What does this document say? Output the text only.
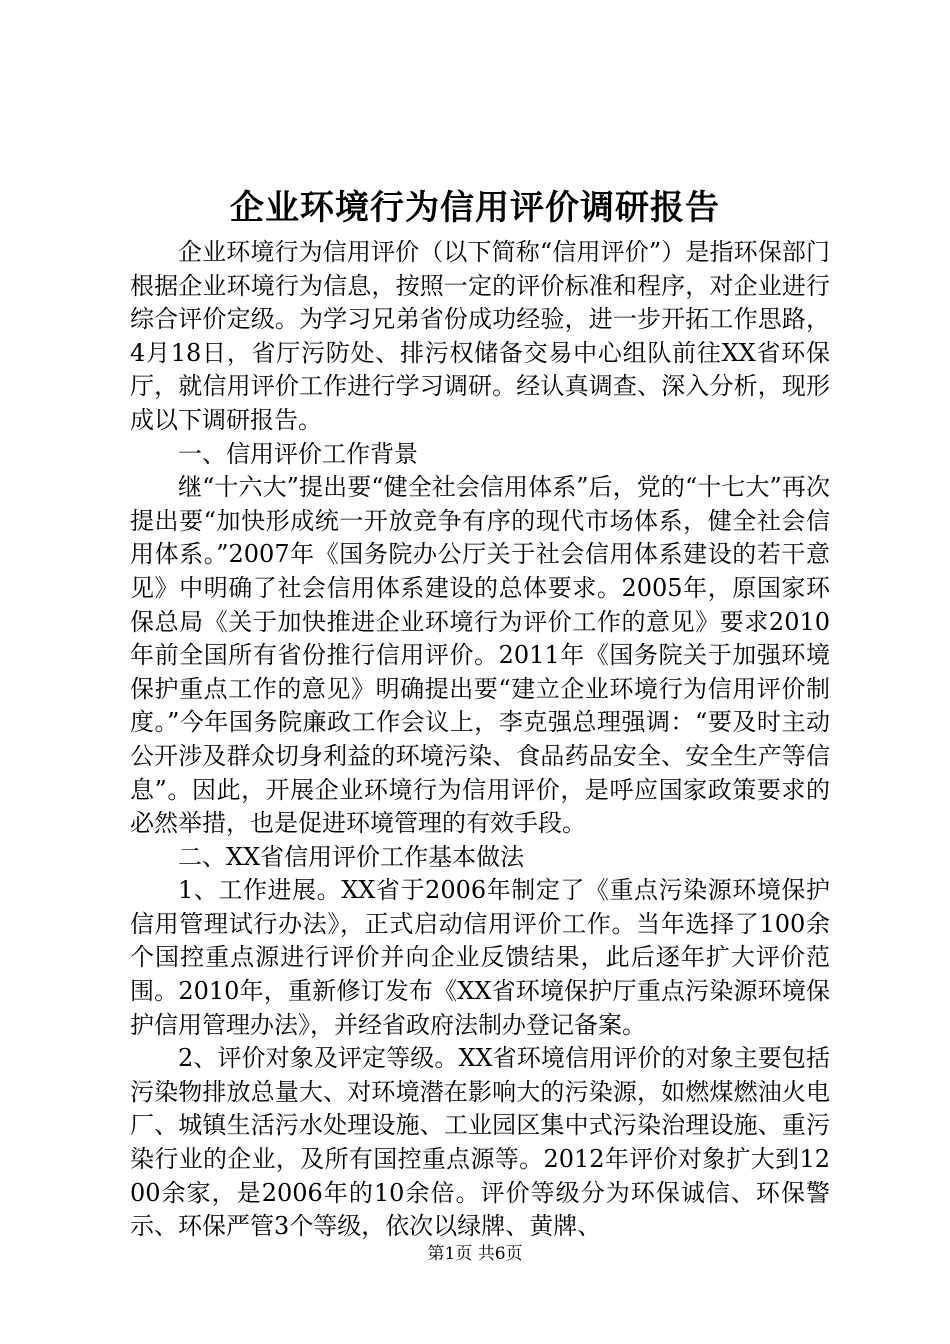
企业环境行为信用评价调研报告

企业环境行为信用评价（以下简称“信用评价”）是指环保部门根据企业环境行为信息，按照一定的评价标准和程序，对企业进行综合评价定级。为学习兄弟省份成功经验，进一步开拓工作思路，4月18日，省厅污防处、排污权储备交易中心组队前往XX省环保厅，就信用评价工作进行学习调研。经认真调查、深入分析，现形成以下调研报告。

一、信用评价工作背景

继“十六大”提出要“健全社会信用体系”后，党的“十七大”再次提出要“加快形成统一开放竞争有序的现代市场体系，健全社会信用体系。”2007年《国务院办公厅关于社会信用体系建设的若干意见》中明确了社会信用体系建设的总体要求。2005年，原国家环保总局《关于加快推进企业环境行为评价工作的意见》要求2010年前全国所有省份推行信用评价。2011年《国务院关于加强环境保护重点工作的意见》明确提出要“建立企业环境行为信用评价制度。”今年国务院廉政工作会议上，李克强总理强调：“要及时主动公开涉及群众切身利益的环境污染、食品药品安全、安全生产等信息”。因此，开展企业环境行为信用评价，是呼应国家政策要求的必然举措，也是促进环境管理的有效手段。

二、XX省信用评价工作基本做法

1、工作进展。XX省于2006年制定了《重点污染源环境保护信用管理试行办法》，正式启动信用评价工作。当年选择了100余个国控重点源进行评价并向企业反馈结果，此后逐年扩大评价范围。2010年，重新修订发布《XX省环境保护厅重点污染源环境保护信用管理办法》，并经省政府法制办登记备案。

2、评价对象及评定等级。XX省环境信用评价的对象主要包括污染物排放总量大、对环境潜在影响大的污染源，如燃煤燃油火电厂、城镇生活污水处理设施、工业园区集中式污染治理设施、重污染行业的企业，及所有国控重点源等。2012年评价对象扩大到1200余家，是2006年的10余倍。评价等级分为环保诚信、环保警示、环保严管3个等级，依次以绿牌、黄牌、

第1页 共6页
